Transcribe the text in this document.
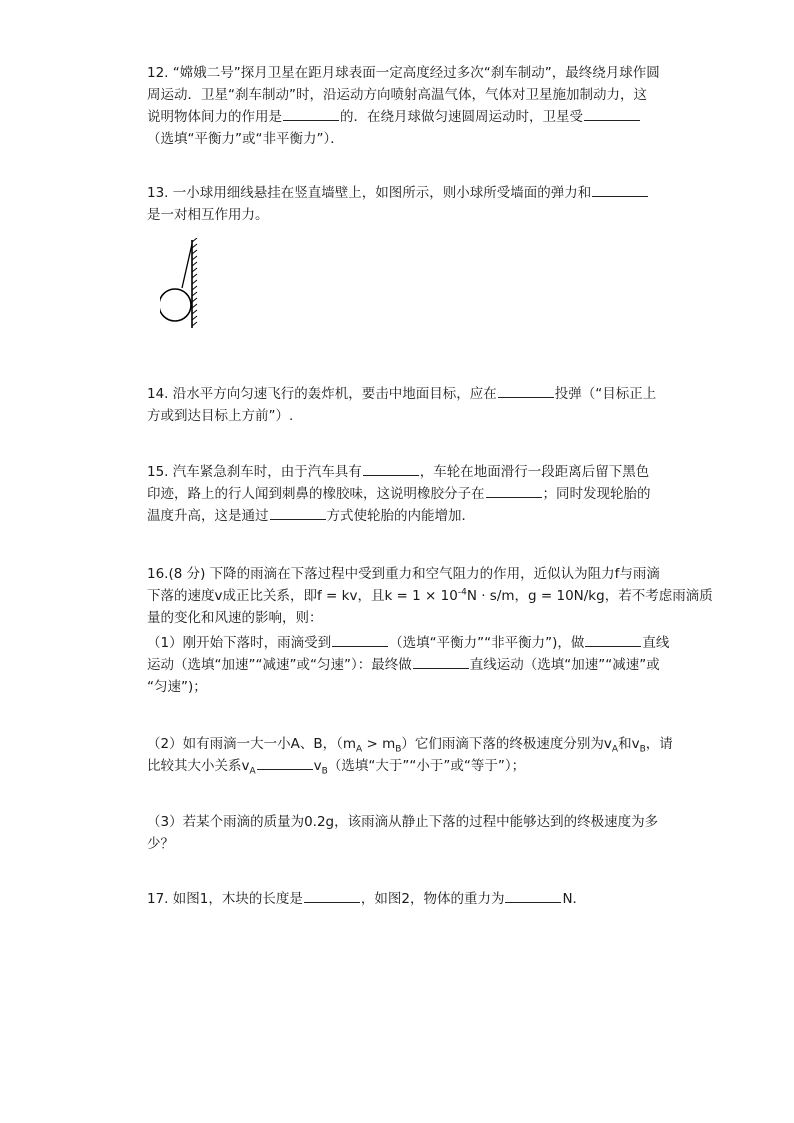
12. “嫦娥二号”探月卫星在距月球表面一定高度经过多次“刹车制动”，最终绕月球作圆
周运动．卫星“刹车制动”时，沿运动方向喷射高温气体，气体对卫星施加制动力，这
说明物体间力的作用是	的．在绕月球做匀速圆周运动时，卫星受
（选填“平衡力”或“非平衡力”）．
13. 一小球用细线悬挂在竖直墙壁上，如图所示，则小球所受墙面的弹力和
是一对相互作用力。
14. 沿水平方向匀速飞行的轰炸机，要击中地面目标，应在	投弹（“目标正上
方或到达目标上方前”）.
15. 汽车紧急刹车时，由于汽车具有	，车轮在地面滑行一段距离后留下黑色
印迹，路上的行人闻到刺鼻的橡胶味，这说明橡胶分子在	；同时发现轮胎的
温度升高，这是通过	方式使轮胎的内能增加．
16.(8 分) 下降的雨滴在下落过程中受到重力和空气阻力的作用，近似认为阻力f与雨滴
下落的速度v成正比关系，即f = kv，且$k = 1 \times 10^{-4}N \cdot s/m$，g = 10N/kg，若不考虑雨滴质
量的变化和风速的影响，则：
（1）刚开始下落时，雨滴受到	（选填“平衡力”“非平衡力”)，做	直线
运动（选填“加速”“减速”或“匀速”）：最终做	直线运动（选填“加速”“减速”或
“匀速”)；
（2）如有雨滴一大一小A、B，$(m_A > m_B)$它们雨滴下落的终极速度分别为$v_A$和$v_B$，请
比较其大小关系$v_A$	$v_B$（选填“大于”“小于”或“等于”）；
（3）若某个雨滴的质量为0.2g，该雨滴从静止下落的过程中能够达到的终极速度为多
少？
17. 如图1，木块的长度是	，如图2，物体的重力为	N．
